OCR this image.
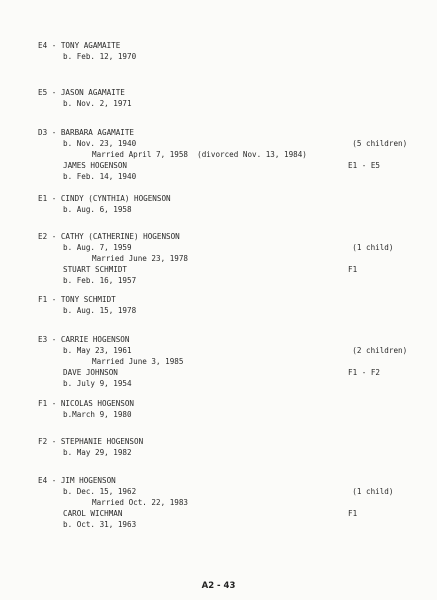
E4 - TONY AGAMAITE
b. Feb. 12, 1970
E5 - JASON AGAMAITE
b. Nov. 2, 1971
D3 - BARBARA AGAMAITE
b. Nov. 23, 1940
Married April 7, 1958  (divorced Nov. 13, 1984)
JAMES HOGENSON
b. Feb. 14, 1940

(5 children)

E1 - E5

E1 - CINDY (CYNTHIA) HOGENSON
b. Aug. 6, 1958
E2 - CATHY (CATHERINE) HOGENSON
b. Aug. 7, 1959
Married June 23, 1978
STUART SCHMIDT
b. Feb. 16, 1957

(1 child)

F1

F1 - TONY SCHMIDT
b. Aug. 15, 1978
E3 - CARRIE HOGENSON
b. May 23, 1961
Married June 3, 1985
DAVE JOHNSON
b. July 9, 1954

(2 children)

F1 - F2

F1 - NICOLAS HOGENSON
b.March 9, 1980
F2 - STEPHANIE HOGENSON
b. May 29, 1982
E4 - JIM HOGENSON
b. Dec. 15, 1962
Married Oct. 22, 1983
CAROL WICHMAN
b. Oct. 31, 1963

(1 child)

F1

A2 - 43
